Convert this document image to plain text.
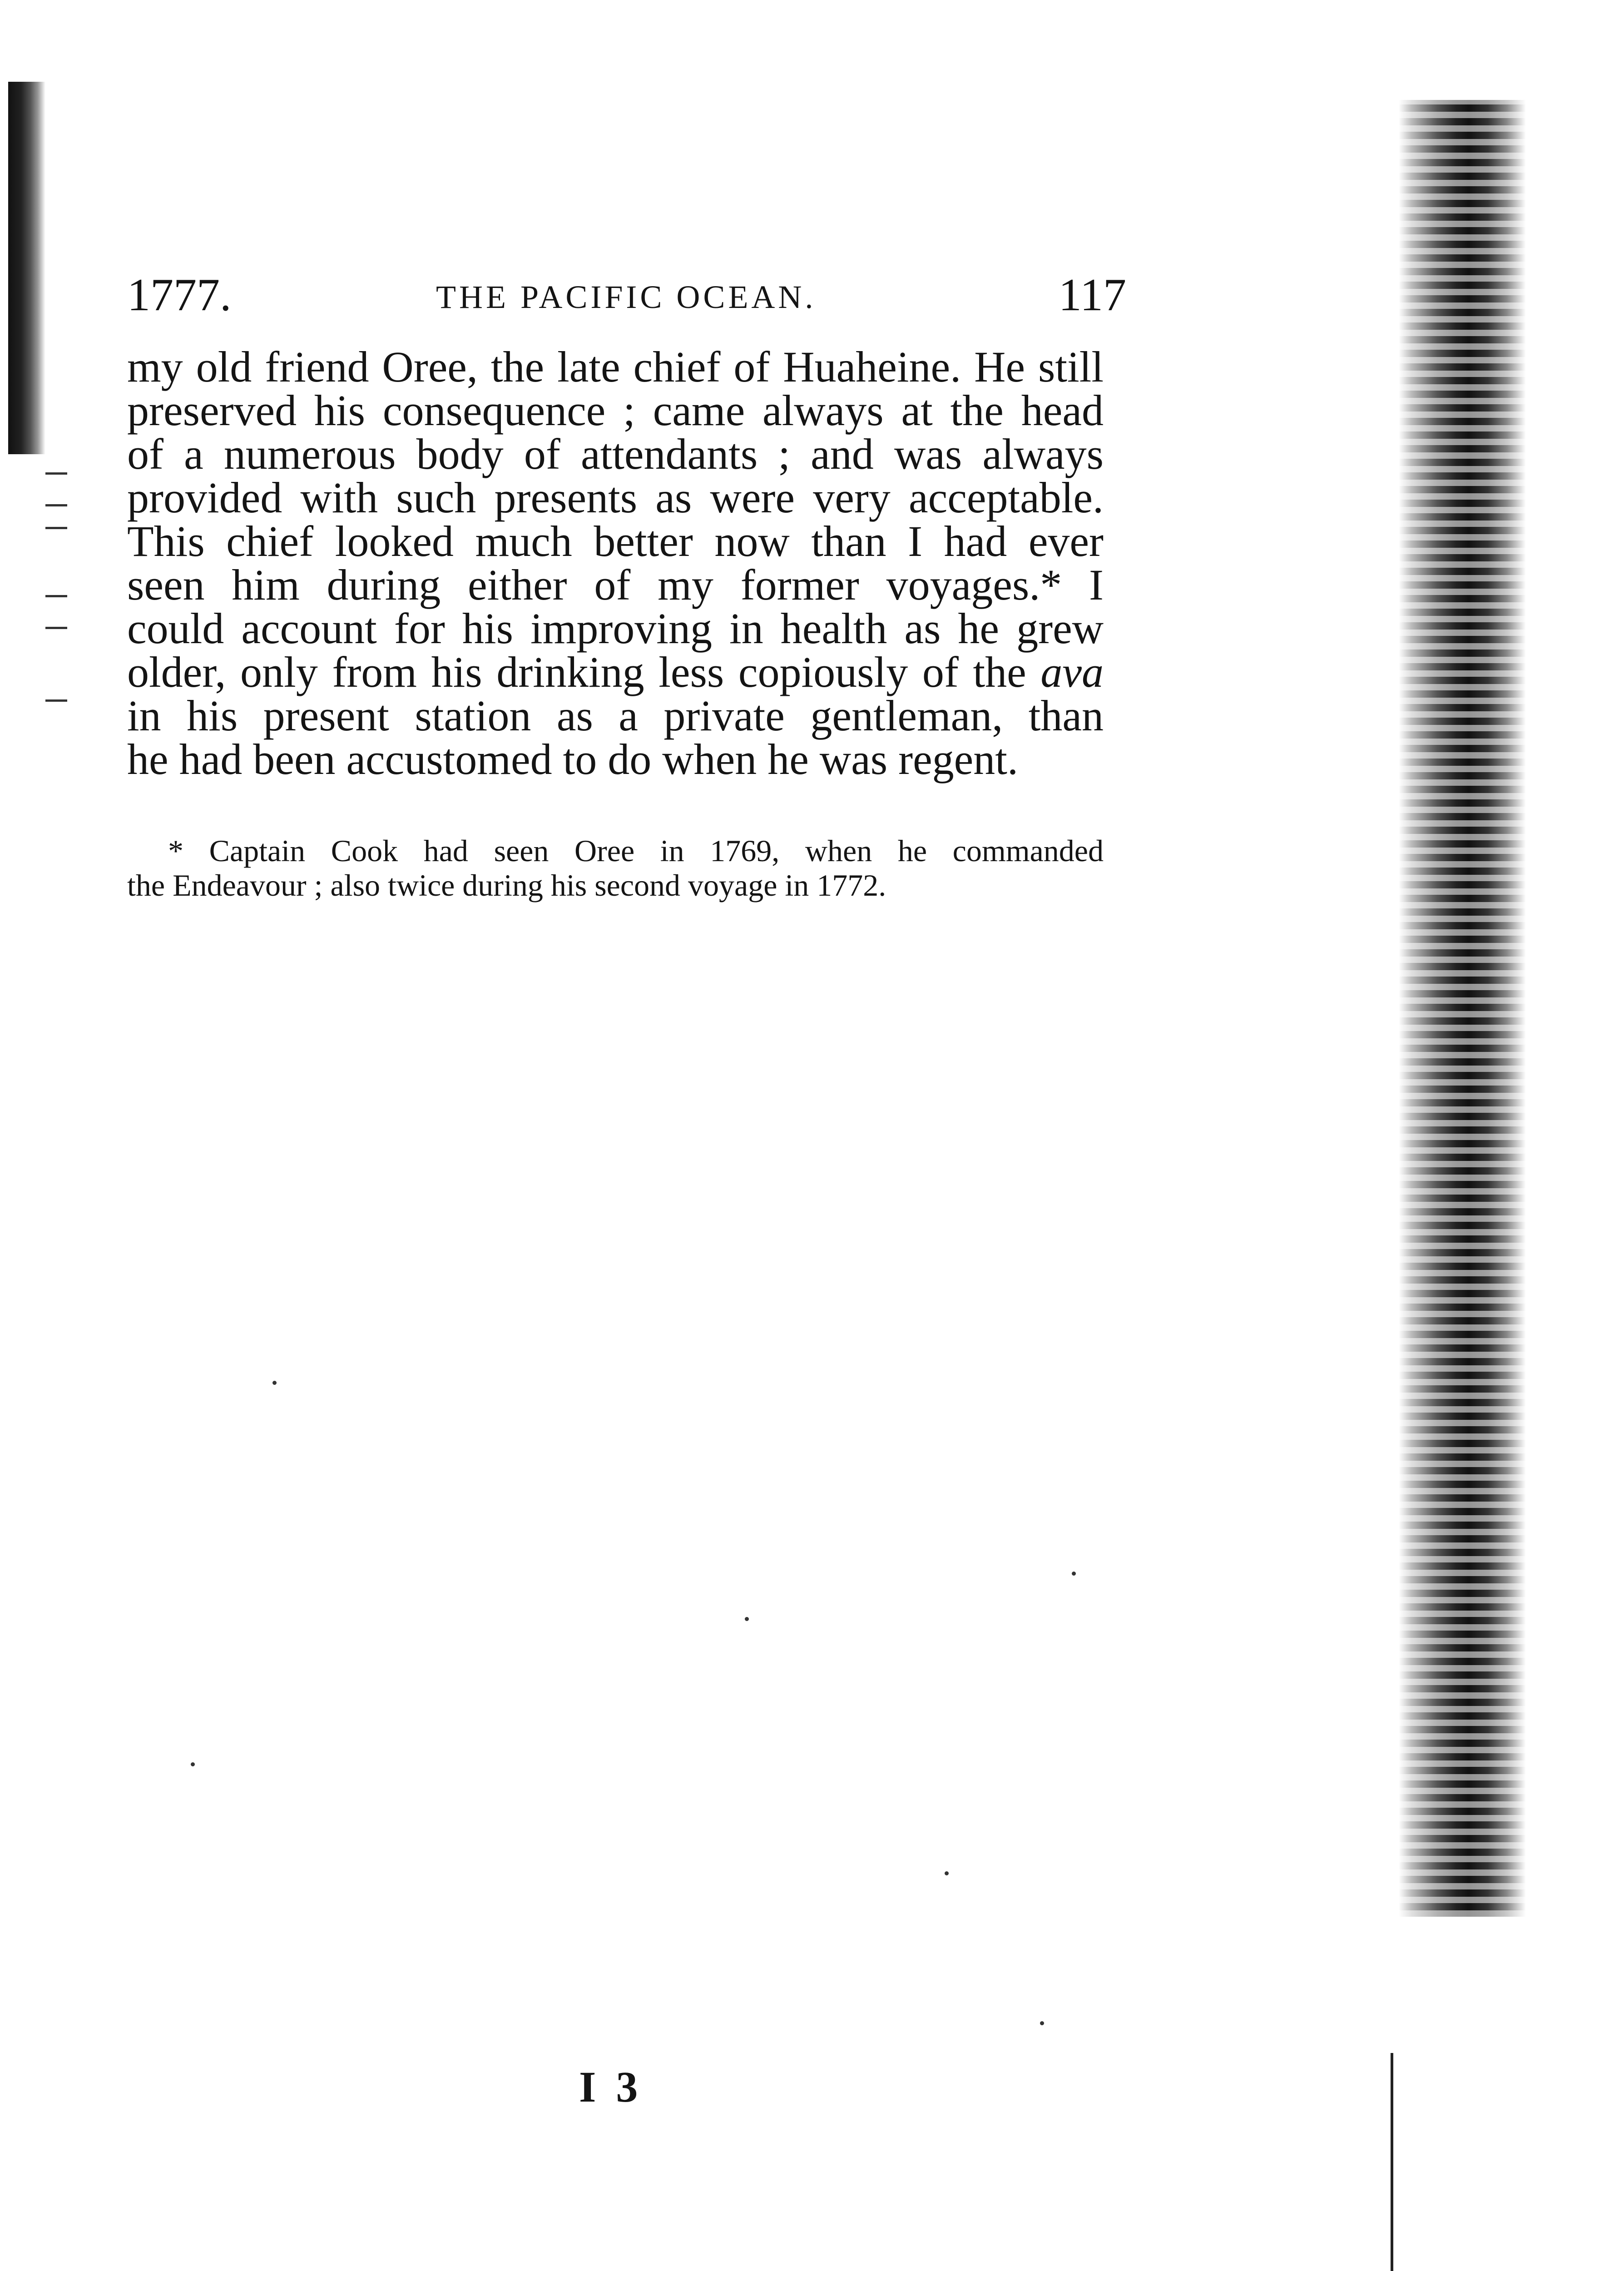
1777.	THE PACIFIC OCEAN.	117
my old friend Oree, the late chief of Huaheine. He still
preserved his consequence ; came always at the head
of a numerous body of attendants ; and was always
provided with such presents as were very acceptable.
This chief looked much better now than I had ever
seen him during either of my former voyages.* I
could account for his improving in health as he grew
older, only from his drinking less copiously of the ava
in his present station as a private gentleman, than
he had been accustomed to do when he was regent.
* Captain Cook had seen Oree in 1769, when he commanded
the Endeavour ; also twice during his second voyage in 1772.
I 3
